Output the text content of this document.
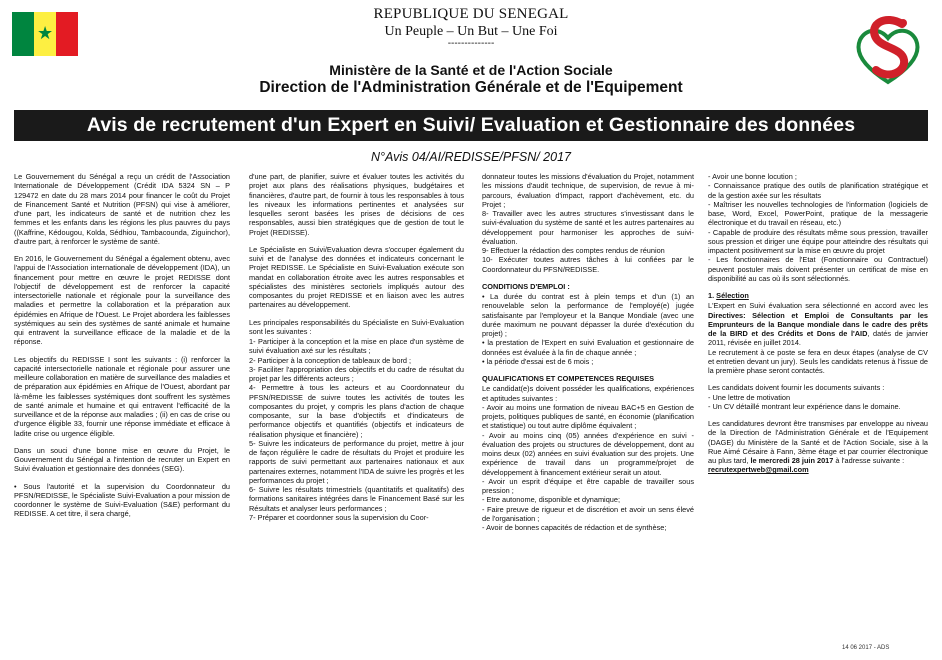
★
REPUBLIQUE DU SENEGAL
Un Peuple – Un But – Une Foi
--------------
Ministère de la Santé et de l'Action Sociale
Direction de l'Administration Générale et de l'Equipement
Avis de recrutement d'un Expert en Suivi/ Evaluation et Gestionnaire des données
N°Avis 04/AI/REDISSE/PFSN/ 2017

Le Gouvernement du Sénégal a reçu un crédit de l'Association Internationale de Développement (Crédit IDA 5324 SN – P 129472 en date du 28 mars 2014 pour financer le coût du Projet de Financement Santé et Nutrition (PFSN) qui vise à améliorer, d'une part, les indicateurs de santé et de nutrition chez les femmes et les enfants dans les régions les plus pauvres du pays ((Kaffrine, Kédougou, Kolda, Sédhiou, Tambacounda, Ziguinchor), d'autre part, à renforcer le système de santé.

En 2016, le Gouvernement du Sénégal a également obtenu, avec l'appui de l'Association internationale de développement (IDA), un financement pour mettre en œuvre le projet REDISSE dont l'objectif de développement est de renforcer la capacité intersectorielle nationale et régionale pour la surveillance des maladies et permettre la collaboration et la préparation aux épidémies en Afrique de l'Ouest. Le Projet abordera les faiblesses systémiques au sein des systèmes de santé animale et humaine qui entravent la surveillance efficace de la maladie et de la réponse.

Les objectifs du REDISSE I sont les suivants : (i) renforcer la capacité intersectorielle nationale et régionale pour assurer une meilleure collaboration en matière de surveillance des maladies et de préparation aux épidémies en Afrique de l'Ouest, abordant par là-même les faiblesses systémiques dont souffrent les systèmes de santé animale et humaine et qui entravent l'efficacité de la surveillance et de la réponse aux maladies ; (ii) en cas de crise ou d'urgence éligible 33, fournir une réponse immédiate et efficace à ladite crise ou urgence éligible.

Dans un souci d'une bonne mise en œuvre du Projet, le Gouvernement du Sénégal a l'intention de recruter un Expert en Suivi évaluation et gestionnaire des données (SEG).

• Sous l'autorité et la supervision du Coordonnateur du PFSN/REDISSE, le Spécialiste Suivi-Evaluation a pour mission de coordonner le système de Suivi-Evaluation (S&E) performant du REDISSE. A cet titre, il sera chargé,

d'une part, de planifier, suivre et évaluer toutes les activités du projet aux plans des réalisations physiques, budgétaires et financières, d'autre part, de fournir à tous les responsables à tous les niveaux les informations pertinentes et analysées sur lesquelles seront basées les prises de décisions de ces responsables, aussi bien stratégiques que de gestion de tout le Projet (REDISSE).

Le Spécialiste en Suivi/Evaluation devra s'occuper également du suivi et de l'analyse des données et indicateurs concernant le Projet REDISSE. Le Spécialiste en Suivi-Evaluation exécute son mandat en collaboration étroite avec les autres responsables et spécialistes des ministères sectoriels impliqués autour des composantes du projet REDISSE et en liaison avec les autres partenaires au développement.

Les principales responsabilités du Spécialiste en Suivi-Evaluation sont les suivantes :

1- Participer à la conception et la mise en place d'un système de suivi évaluation axé sur les résultats ;

2- Participer à la conception de tableaux de bord ;

3- Faciliter l'appropriation des objectifs et du cadre de résultat du projet par les différents acteurs ;

4- Permettre à tous les acteurs et au Coordonnateur du PFSN/REDISSE de suivre toutes les activités de toutes les composantes du projet, y compris les plans d'action de chaque composante, sur la base d'objectifs et d'indicateurs de performance objectifs et quantifiés (objectifs et indicateurs de réalisation physique et financière) ;

5- Suivre les indicateurs de performance du projet, mettre à jour de façon régulière le cadre de résultats du Projet et produire les rapports de suivi permettant aux partenaires nationaux et aux partenaires externes, notamment l'IDA de suivre les progrès et les performances du projet ;

6- Suivre les résultats trimestriels (quantitatifs et qualitatifs) des formations sanitaires intégrées dans le Financement Basé sur les Résultats et analyser leurs performances ;

7- Préparer et coordonner sous la supervision du Coor-

donnateur toutes les missions d'évaluation du Projet, notamment les missions d'audit technique, de supervision, de revue à mi-parcours, évaluation d'impact, rapport d'achèvement, etc. du Projet ;

8- Travailler avec les autres structures s'investissant dans le suivi-évaluation du système de santé et les autres partenaires au développement pour harmoniser les approches de suivi-évaluation.

9- Effectuer la rédaction des comptes rendus de réunion

10- Exécuter toutes autres tâches à lui confiées par le Coordonnateur du PFSN/REDISSE.

CONDITIONS D'EMPLOI :

• La durée du contrat est à plein temps et d'un (1) an renouvelable selon la performance de l'employé(e) jugée satisfaisante par l'employeur et la Banque Mondiale (avec une durée maximum ne pouvant dépasser la durée d'exécution du projet) ;

• la prestation de l'Expert en suivi Evaluation et gestionnaire de données est évaluée à la fin de chaque année ;

• la période d'essai est de 6 mois ;

QUALIFICATIONS ET COMPETENCES REQUISES

Le candidat(e)s doivent posséder les qualifications, expériences et aptitudes suivantes :

- Avoir au moins une formation de niveau BAC+5 en Gestion de projets, politiques publiques de santé, en économie (planification et statistique) ou tout autre diplôme équivalent ;

- Avoir au moins cinq (05) années d'expérience en suivi - évaluation des projets ou structures de développement, dont au moins deux (02) années en suivi évaluation sur des projets. Une expérience de travail dans un programme/projet de développement à financement extérieur serait un atout.

- Avoir un esprit d'équipe et être capable de travailler sous pression ;

- Etre autonome, disponible et dynamique;

- Faire preuve de rigueur et de discrétion et avoir un sens élevé de l'organisation ;

- Avoir de bonnes capacités de rédaction et de synthèse;

- Avoir une bonne locution ;

- Connaissance pratique des outils de planification stratégique et de la gestion axée sur les résultats

- Maîtriser les nouvelles technologies de l'information (logiciels de base, Word, Excel, PowerPoint, pratique de la messagerie électronique et du travail en réseau, etc.)

- Capable de produire des résultats même sous pression, travailler sous pression et diriger une équipe pour atteindre des résultats qui impactent positivement sur la mise en œuvre du projet

- Les fonctionnaires de l'Etat (Fonctionnaire ou Contractuel) peuvent postuler mais doivent présenter un certificat de mise en disponibilité au cas où ils sont sélectionnés.

1. Sélection

L'Expert en Suivi évaluation sera sélectionné en accord avec les Directives: Sélection et Emploi de Consultants par les Emprunteurs de la Banque mondiale dans le cadre des prêts de la BIRD et des Crédits et Dons de l'AID, datés de janvier 2011, révisée en juillet 2014.

Le recrutement à ce poste se fera en deux étapes (analyse de CV et entretien devant un jury). Seuls les candidats retenus à l'issue de la première phase seront contactés.

Les candidats doivent fournir les documents suivants :

- Une lettre de motivation

- Un CV détaillé montrant leur expérience dans le domaine.

Les candidatures devront être transmises par enveloppe au niveau de la Direction de l'Administration Générale et de l'Equipement (DAGE) du Ministère de la Santé et de l'Action Sociale, sise à la Rue Aimé Césaire à Fann, 3ème étage et par courrier électronique au plus tard, le mercredi 28 juin 2017 à l'adresse suivante :

recrutexpertweb@gmail.com

14 06 2017 - ADS
